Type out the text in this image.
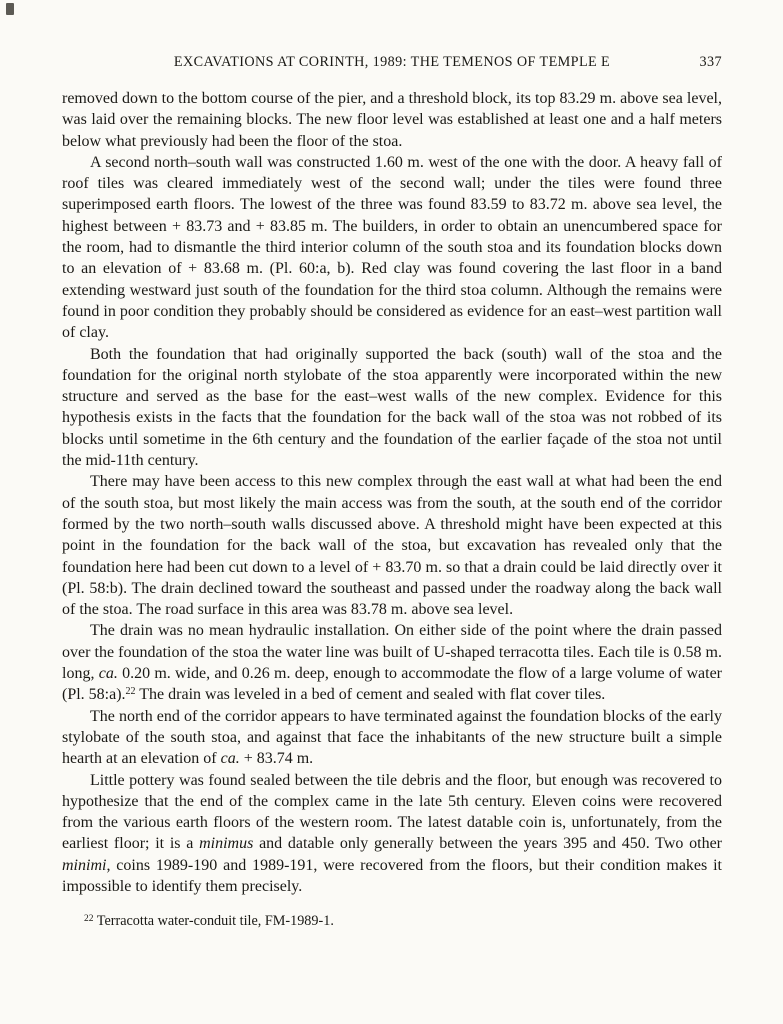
EXCAVATIONS AT CORINTH, 1989: THE TEMENOS OF TEMPLE E	337

removed down to the bottom course of the pier, and a threshold block, its top 83.29 m. above sea level, was laid over the remaining blocks. The new floor level was established at least one and a half meters below what previously had been the floor of the stoa.

A second north–south wall was constructed 1.60 m. west of the one with the door. A heavy fall of roof tiles was cleared immediately west of the second wall; under the tiles were found three superimposed earth floors. The lowest of the three was found 83.59 to 83.72 m. above sea level, the highest between + 83.73 and + 83.85 m. The builders, in order to obtain an unencumbered space for the room, had to dismantle the third interior column of the south stoa and its foundation blocks down to an elevation of + 83.68 m. (Pl. 60:a, b). Red clay was found covering the last floor in a band extending westward just south of the foundation for the third stoa column. Although the remains were found in poor condition they probably should be considered as evidence for an east–west partition wall of clay.

Both the foundation that had originally supported the back (south) wall of the stoa and the foundation for the original north stylobate of the stoa apparently were incorporated within the new structure and served as the base for the east–west walls of the new complex. Evidence for this hypothesis exists in the facts that the foundation for the back wall of the stoa was not robbed of its blocks until sometime in the 6th century and the foundation of the earlier façade of the stoa not until the mid-11th century.

There may have been access to this new complex through the east wall at what had been the end of the south stoa, but most likely the main access was from the south, at the south end of the corridor formed by the two north–south walls discussed above. A threshold might have been expected at this point in the foundation for the back wall of the stoa, but excavation has revealed only that the foundation here had been cut down to a level of + 83.70 m. so that a drain could be laid directly over it (Pl. 58:b). The drain declined toward the southeast and passed under the roadway along the back wall of the stoa. The road surface in this area was 83.78 m. above sea level.

The drain was no mean hydraulic installation. On either side of the point where the drain passed over the foundation of the stoa the water line was built of U-shaped terracotta tiles. Each tile is 0.58 m. long, ca. 0.20 m. wide, and 0.26 m. deep, enough to accommodate the flow of a large volume of water (Pl. 58:a).$^{22}$ The drain was leveled in a bed of cement and sealed with flat cover tiles.

The north end of the corridor appears to have terminated against the foundation blocks of the early stylobate of the south stoa, and against that face the inhabitants of the new structure built a simple hearth at an elevation of ca. + 83.74 m.

Little pottery was found sealed between the tile debris and the floor, but enough was recovered to hypothesize that the end of the complex came in the late 5th century. Eleven coins were recovered from the various earth floors of the western room. The latest datable coin is, unfortunately, from the earliest floor; it is a minimus and datable only generally between the years 395 and 450. Two other minimi, coins 1989-190 and 1989-191, were recovered from the floors, but their condition makes it impossible to identify them precisely.

$^{22}$ Terracotta water-conduit tile, FM-1989-1.
